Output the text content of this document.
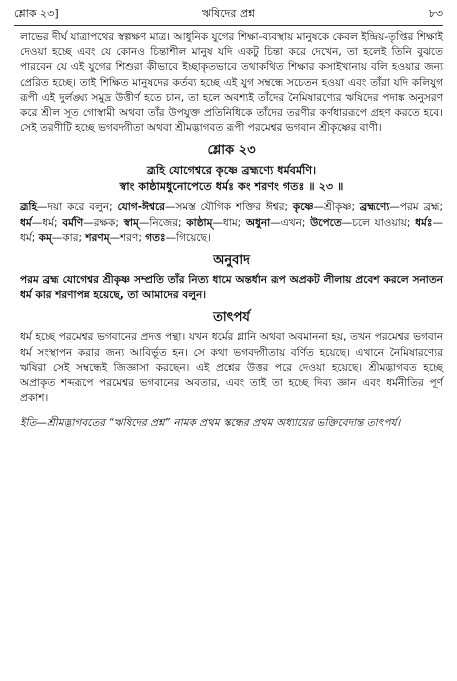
শ্লোক ২৩]	ঋষিদের প্রশ্ন	৮৩

লাভের দীর্ঘ যাত্রাপথের স্বল্পক্ষণ মাত্র। আধুনিক যুগের শিক্ষা-ব্যবস্থায় মানুষকে কেবল ইন্দ্রিয়-তৃপ্তির শিক্ষাই দেওয়া হচ্ছে এবং যে কোনও চিন্তাশীল মানুষ যদি একটু চিন্তা করে দেখেন, তা হলেই তিনি বুঝতে পারবেন যে এই যুগের শিশুরা কীভাবে ইচ্ছাকৃতভাবে তথাকথিত শিক্ষার কসাইখানায় বলি হওয়ার জন্য প্রেরিত হচ্ছে। তাই শিক্ষিত মানুষদের কর্তব্য হচ্ছে এই যুগ সম্বন্ধে সচেতন হওয়া এবং তাঁরা যদি কলিযুগ রূপী এই দুর্লঙ্ঘ্য সমুদ্র উত্তীর্ণ হতে চান, তা হলে অবশ্যই তাঁদের নৈমিষারণ্যের ঋষিদের পদাঙ্ক অনুসরণ করে শ্রীল সূত গোস্বামী অথবা তাঁর উপযুক্ত প্রতিনিধিকে তাঁদের তরণীর কর্ণধাররূপে গ্রহণ করতে হবে। সেই তরণীটি হচ্ছে ভগবদ্গীতা অথবা শ্রীমদ্ভাগবত রূপী পরমেশ্বর ভগবান শ্রীকৃষ্ণের বাণী।

শ্লোক ২৩
ব্রূহি যোগেশ্বরে কৃষ্ণে ব্রহ্মণ্যে ধর্মবর্মণি।
স্বাং কাষ্ঠামধুনোপেতে ধর্মঃ কং শরণং গতঃ ॥ ২৩ ॥

ব্রূহি—দয়া করে বলুন; যোগ-ঈশ্বরে—সমস্ত যৌগিক শক্তির ঈশ্বর; কৃষ্ণে—শ্রীকৃষ্ণ; ব্রহ্মণ্যে—পরম ব্রহ্ম; ধর্ম—ধর্ম; বর্মণি—রক্ষক; স্বাম্—নিজের; কাষ্ঠাম্—ধাম; অধুনা—এখন; উপেতে—চলে যাওয়ায়; ধর্মঃ—ধর্ম; কম্—কার; শরণম্—শরণ; গতঃ—গিয়েছে।

অনুবাদ

পরম ব্রহ্ম যোগেশ্বর শ্রীকৃষ্ণ সম্প্রতি তাঁর নিত্য ধামে অন্তর্ধান রূপ অপ্রকট লীলায় প্রবেশ করলে সনাতন ধর্ম কার শরণাপন্ন হয়েছে, তা আমাদের বলুন।

তাৎপর্য

ধর্ম হচ্ছে পরমেশ্বর ভগবানের প্রদত্ত পন্থা। যখন ধর্মের গ্লানি অথবা অবমাননা হয়, তখন পরমেশ্বর ভগবান ধর্ম সংস্থাপন করার জন্য আবির্ভূত হন। সে কথা ভগবদ্গীতায় বর্ণিত হয়েছে। এখানে নৈমিষারণ্যের ঋষিরা সেই সম্বন্ধেই জিজ্ঞাসা করছেন। এই প্রশ্নের উত্তর পরে দেওয়া হয়েছে। শ্রীমদ্ভাগবত হচ্ছে অপ্রাকৃত শব্দরূপে পরমেশ্বর ভগবানের অবতার, এবং তাই তা হচ্ছে দিব্য জ্ঞান এবং ধর্মনীতির পূর্ণ প্রকাশ।

ইতি—শ্রীমদ্ভাগবতের “ঋষিদের প্রশ্ন” নামক প্রথম স্কন্ধের প্রথম অধ্যায়ের ভক্তিবেদান্ত তাৎপর্য।
